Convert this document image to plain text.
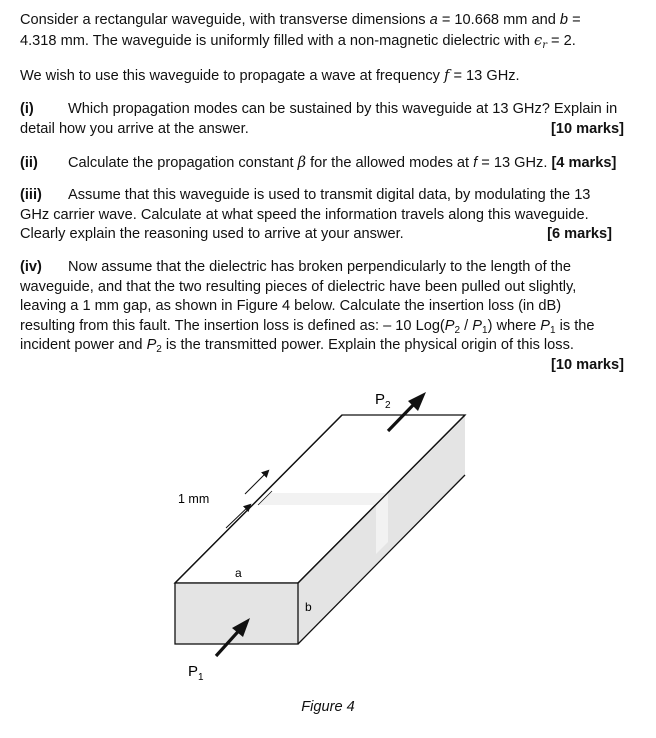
Consider a rectangular waveguide, with transverse dimensions a = 10.668 mm and b =
4.318 mm. The waveguide is uniformly filled with a non-magnetic dielectric with $\epsilon_r = 2$.

We wish to use this waveguide to propagate a wave at frequency f = 13 GHz.

(i) Which propagation modes can be sustained by this waveguide at 13 GHz? Explain in
detail how you arrive at the answer.	[10 marks]

(ii) Calculate the propagation constant β for the allowed modes at f = 13 GHz. [4 marks]

(iii) Assume that this waveguide is used to transmit digital data, by modulating the 13
GHz carrier wave. Calculate at what speed the information travels along this waveguide.
Clearly explain the reasoning used to arrive at your answer.	[6 marks]

(iv) Now assume that the dielectric has broken perpendicularly to the length of the
waveguide, and that the two resulting pieces of dielectric have been pulled out slightly,
leaving a 1 mm gap, as shown in Figure 4 below. Calculate the insertion loss (in dB)
resulting from this fault. The insertion loss is defined as: – 10 $Log(P_2 / P_1)$ where $P_1$ is the
incident power and $P_2$ is the transmitted power. Explain the physical origin of this loss.

[10 marks]

1 mm
a
b
$P_1$
$P_2$
Figure 4
